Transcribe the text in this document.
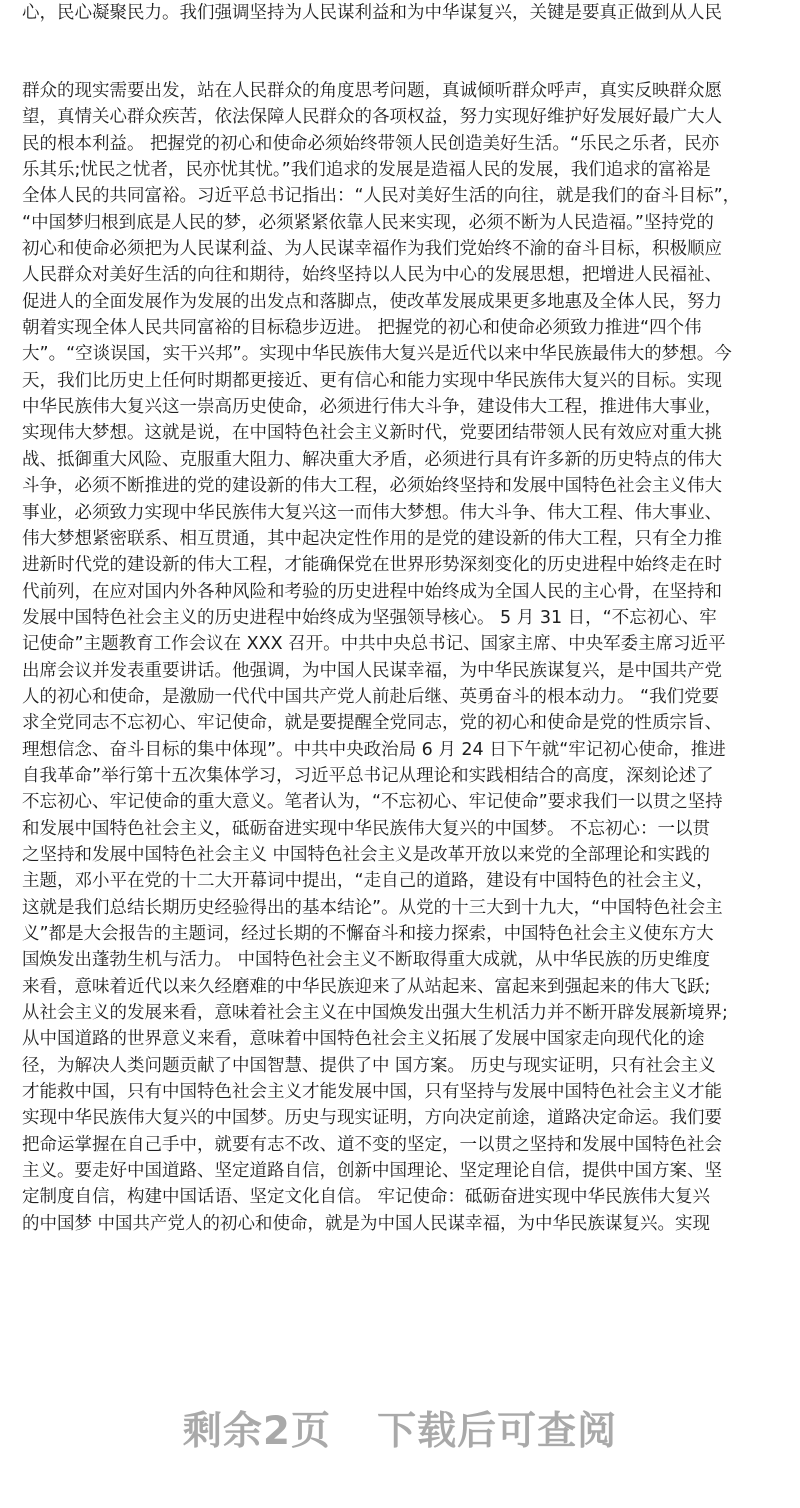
心，民心凝聚民力。我们强调坚持为人民谋利益和为中华谋复兴，关键是要真正做到从人民
群众的现实需要出发，站在人民群众的角度思考问题，真诚倾听群众呼声，真实反映群众愿
望，真情关心群众疾苦，依法保障人民群众的各项权益，努力实现好维护好发展好最广大人
民的根本利益。 把握党的初心和使命必须始终带领人民创造美好生活。“乐民之乐者，民亦
乐其乐;忧民之忧者，民亦忧其忧。”我们追求的发展是造福人民的发展，我们追求的富裕是
全体人民的共同富裕。习近平总书记指出：“人民对美好生活的向往，就是我们的奋斗目标”，
“中国梦归根到底是人民的梦，必须紧紧依靠人民来实现，必须不断为人民造福。”坚持党的
初心和使命必须把为人民谋利益、为人民谋幸福作为我们党始终不渝的奋斗目标，积极顺应
人民群众对美好生活的向往和期待，始终坚持以人民为中心的发展思想，把增进人民福祉、
促进人的全面发展作为发展的出发点和落脚点，使改革发展成果更多地惠及全体人民，努力
朝着实现全体人民共同富裕的目标稳步迈进。 把握党的初心和使命必须致力推进“四个伟
大”。“空谈误国，实干兴邦”。实现中华民族伟大复兴是近代以来中华民族最伟大的梦想。今
天，我们比历史上任何时期都更接近、更有信心和能力实现中华民族伟大复兴的目标。实现
中华民族伟大复兴这一崇高历史使命，必须进行伟大斗争，建设伟大工程，推进伟大事业，
实现伟大梦想。这就是说，在中国特色社会主义新时代，党要团结带领人民有效应对重大挑
战、抵御重大风险、克服重大阻力、解决重大矛盾，必须进行具有许多新的历史特点的伟大
斗争，必须不断推进的党的建设新的伟大工程，必须始终坚持和发展中国特色社会主义伟大
事业，必须致力实现中华民族伟大复兴这一而伟大梦想。伟大斗争、伟大工程、伟大事业、
伟大梦想紧密联系、相互贯通，其中起决定性作用的是党的建设新的伟大工程，只有全力推
进新时代党的建设新的伟大工程，才能确保党在世界形势深刻变化的历史进程中始终走在时
代前列，在应对国内外各种风险和考验的历史进程中始终成为全国人民的主心骨，在坚持和
发展中国特色社会主义的历史进程中始终成为坚强领导核心。 5 月 31 日，“不忘初心、牢
记使命”主题教育工作会议在 XXX 召开。中共中央总书记、国家主席、中央军委主席习近平
出席会议并发表重要讲话。他强调，为中国人民谋幸福，为中华民族谋复兴，是中国共产党
人的初心和使命，是激励一代代中国共产党人前赴后继、英勇奋斗的根本动力。 “我们党要
求全党同志不忘初心、牢记使命，就是要提醒全党同志，党的初心和使命是党的性质宗旨、
理想信念、奋斗目标的集中体现”。中共中央政治局 6 月 24 日下午就“牢记初心使命，推进
自我革命”举行第十五次集体学习，习近平总书记从理论和实践相结合的高度，深刻论述了
不忘初心、牢记使命的重大意义。笔者认为，“不忘初心、牢记使命”要求我们一以贯之坚持
和发展中国特色社会主义，砥砺奋进实现中华民族伟大复兴的中国梦。 不忘初心：一以贯
之坚持和发展中国特色社会主义 中国特色社会主义是改革开放以来党的全部理论和实践的
主题，邓小平在党的十二大开幕词中提出，“走自己的道路，建设有中国特色的社会主义，
这就是我们总结长期历史经验得出的基本结论”。从党的十三大到十九大，“中国特色社会主
义”都是大会报告的主题词，经过长期的不懈奋斗和接力探索，中国特色社会主义使东方大
国焕发出蓬勃生机与活力。 中国特色社会主义不断取得重大成就，从中华民族的历史维度
来看，意味着近代以来久经磨难的中华民族迎来了从站起来、富起来到强起来的伟大飞跃;
从社会主义的发展来看，意味着社会主义在中国焕发出强大生机活力并不断开辟发展新境界;
从中国道路的世界意义来看，意味着中国特色社会主义拓展了发展中国家走向现代化的途
径，为解决人类问题贡献了中国智慧、提供了中 国方案。 历史与现实证明，只有社会主义
才能救中国，只有中国特色社会主义才能发展中国，只有坚持与发展中国特色社会主义才能
实现中华民族伟大复兴的中国梦。历史与现实证明，方向决定前途，道路决定命运。我们要
把命运掌握在自己手中，就要有志不改、道不变的坚定，一以贯之坚持和发展中国特色社会
主义。要走好中国道路、坚定道路自信，创新中国理论、坚定理论自信，提供中国方案、坚
定制度自信，构建中国话语、坚定文化自信。 牢记使命：砥砺奋进实现中华民族伟大复兴
的中国梦 中国共产党人的初心和使命，就是为中国人民谋幸福，为中华民族谋复兴。实现
剩余2页 下载后可查阅
